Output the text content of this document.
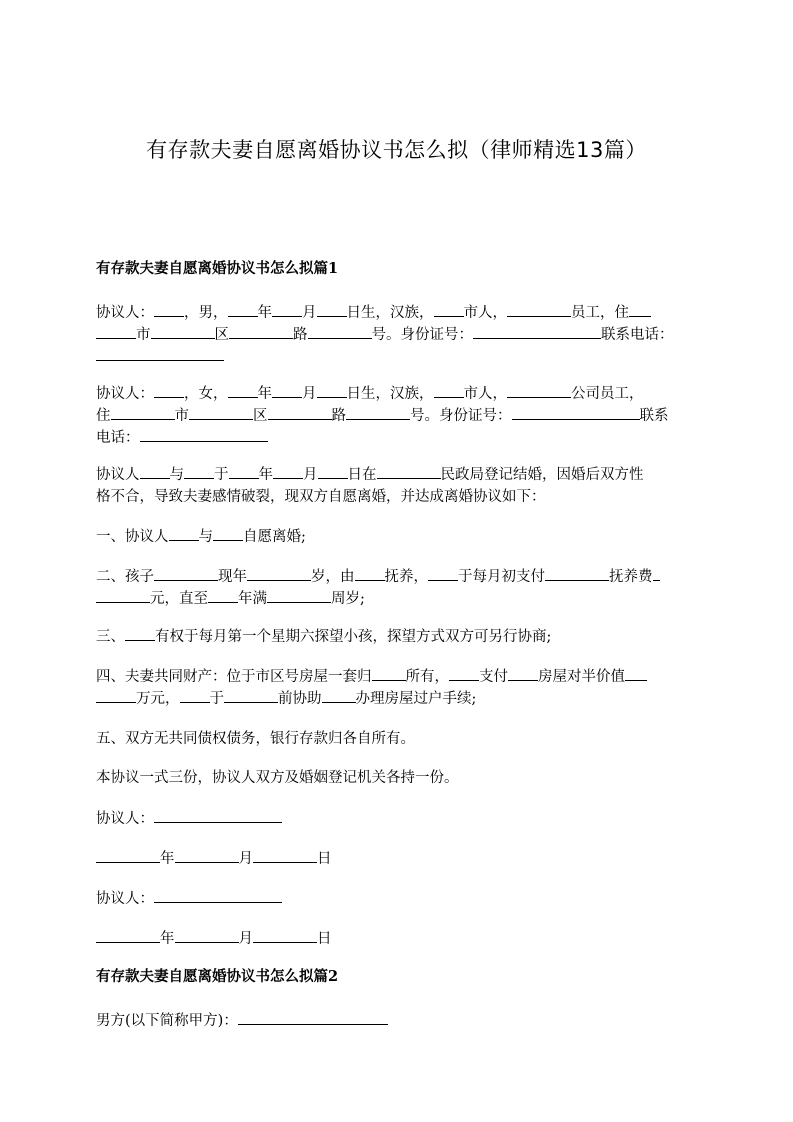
有存款夫妻自愿离婚协议书怎么拟（律师精选13篇）
有存款夫妻自愿离婚协议书怎么拟篇1
协议人： ，男， 年 月 日生，汉族， 市人，	员工，住
市	区	路	号。身份证号：	联系电话：
协议人： ，女， 年 月 日生，汉族， 市人，	公司员工，
住	市	区	路	号。身份证号：	联系
电话：
协议人 与 于 年 月 日在	民政局登记结婚，因婚后双方性
格不合，导致夫妻感情破裂，现双方自愿离婚，并达成离婚协议如下：
一、协议人 与 自愿离婚;
二、孩子	现年	岁，由 抚养， 于每月初支付	抚养费
元，直至 年满	周岁;
三、 有权于每月第一个星期六探望小孩，探望方式双方可另行协商;
四、夫妻共同财产：位于市区号房屋一套归 所有， 支付 房屋对半价值
万元， 于	前协助 办理房屋过户手续;
五、双方无共同债权债务，银行存款归各自所有。
本协议一式三份，协议人双方及婚姻登记机关各持一份。
协议人：
年	月	日
协议人：
年	月	日
有存款夫妻自愿离婚协议书怎么拟篇2
男方(以下简称甲方)：
